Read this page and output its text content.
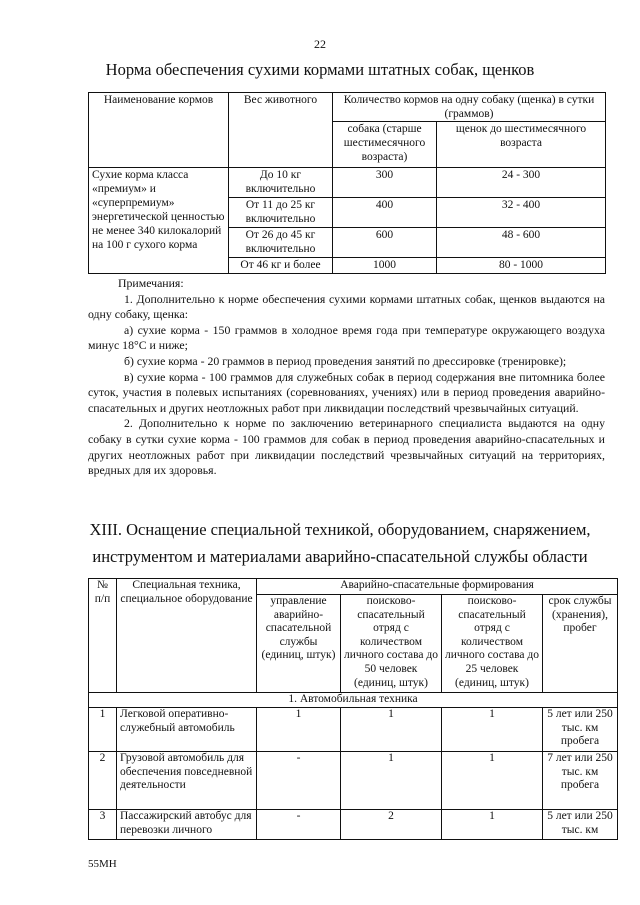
22
Норма обеспечения сухими кормами штатных собак, щенков
Наименование кормов	Вес животного	Количество кормов на одну собаку (щенка) в сутки (граммов)	
		собака (старше шестимесячного возраста)	щенок до шестимесячного возраста
Сухие корма класса «премиум» и «суперпремиум» энергетической ценностью не менее 340 килокалорий на 100 г сухого корма	До 10 кг включительно	300	24 - 300
	От 11 до 25 кг включительно	400	32 - 400
	От 26 до 45 кг включительно	600	48 - 600
	От 46 кг и более	1000	80 - 1000

Примечания:

1. Дополнительно к норме обеспечения сухими кормами штатных собак, щенков выдаются на одну собаку, щенка:

а) сухие корма - 150 граммов в холодное время года при температуре окружающего воздуха минус 18°С и ниже;

б) сухие корма - 20 граммов в период проведения занятий по дрессировке (тренировке);

в) сухие корма - 100 граммов для служебных собак в период содержания вне питомника более суток, участия в полевых испытаниях (соревнованиях, учениях) или в период проведения аварийно-спасательных и других неотложных работ при ликвидации последствий чрезвычайных ситуаций.

2. Дополнительно к норме по заключению ветеринарного специалиста выдаются на одну собаку в сутки сухие корма - 100 граммов для собак в период проведения аварийно-спасательных и других неотложных работ при ликвидации последствий чрезвычайных ситуаций на территориях, вредных для их здоровья.

XIII. Оснащение специальной техникой, оборудованием, снаряжением, инструментом и материалами аварийно-спасательной службы области
№ п/п	Специальная техника, специальное оборудование	Аварийно-спасательные формирования			
		управление аварийно-спасательной службы (единиц, штук)	поисково-спасательный отряд с количеством личного состава до 50 человек (единиц, штук)	поисково-спасательный отряд с количеством личного состава до 25 человек (единиц, штук)	срок службы (хранения), пробег
1. Автомобильная техника					
1	Легковой оперативно-служебный автомобиль	1	1	1	5 лет или 250 тыс. км пробега
2	Грузовой автомобиль для обеспечения повседневной деятельности	-	1	1	7 лет или 250 тыс. км пробега
3	Пассажирский автобус для перевозки личного	-	2	1	5 лет или 250 тыс. км
55МН
